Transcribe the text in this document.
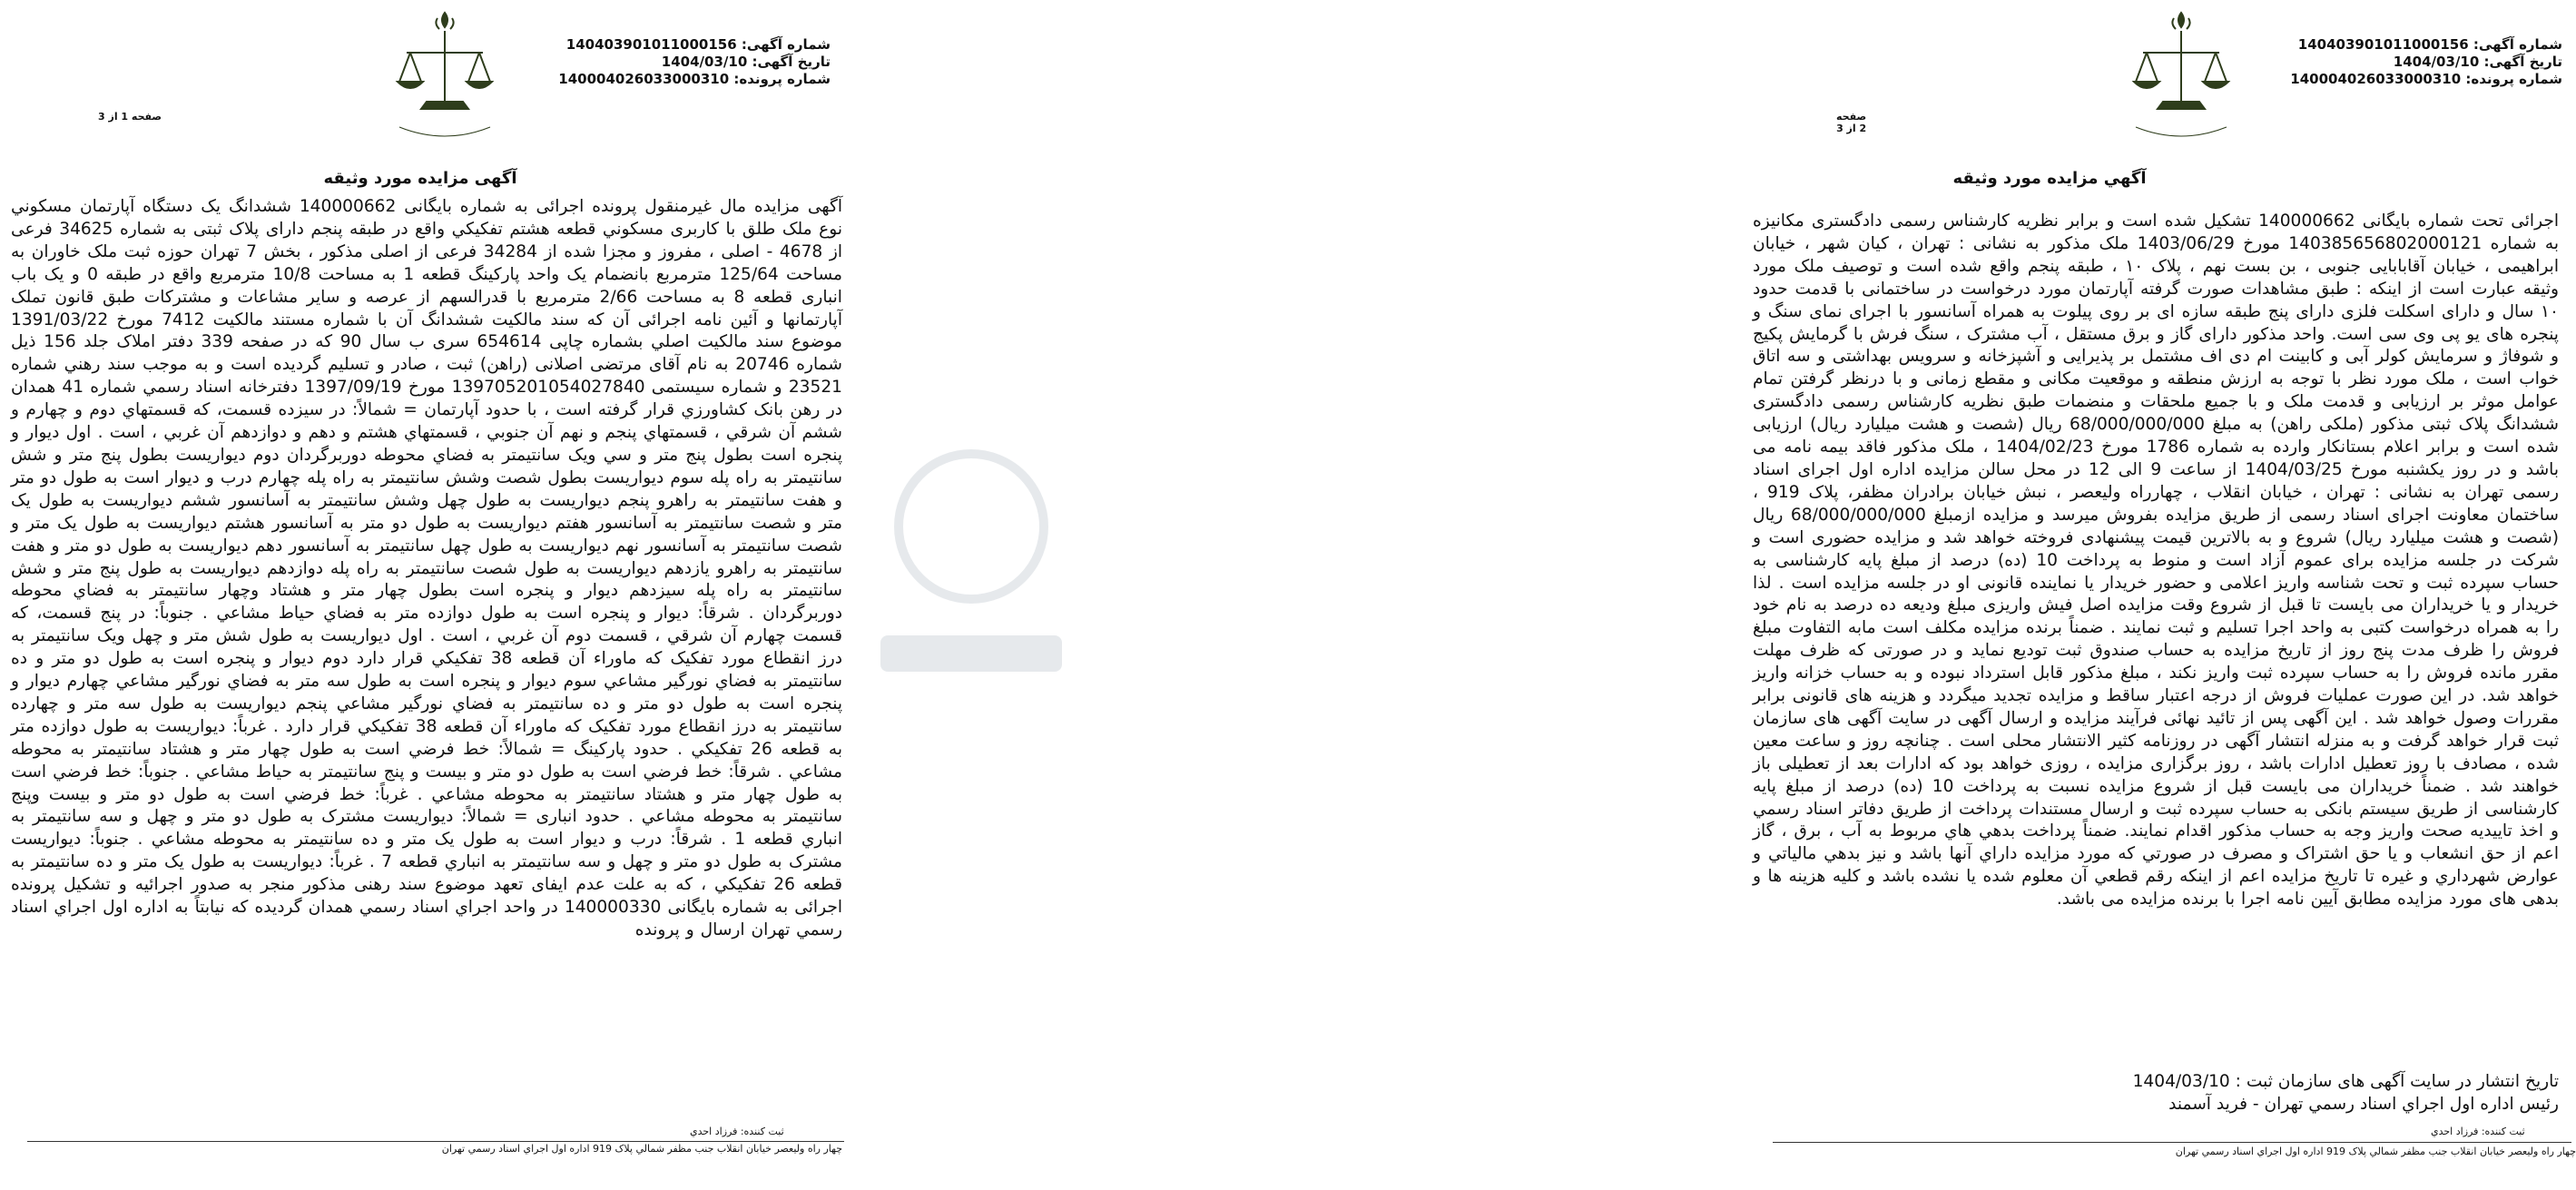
شماره آگهی: 140403901011000156
تاریخ آگهی: 1404/03/10
شماره پرونده: 140004026033000310
صفحه 1 از 3
آگهی مزایده مورد وثیقه
آگهی مزایده مال غیرمنقول پرونده اجرائی به شماره بایگانی 140000662 ششدانگ یک دستگاه آپارتمان مسکوني نوع ملک طلق با کاربری مسکوني قطعه هشتم تفکيکي واقع در طبقه پنجم دارای پلاک ثبتی به شماره 34625 فرعی از 4678 - اصلی ، مفروز و مجزا شده از 34284 فرعی از اصلی مذکور ، بخش 7 تهران حوزه ثبت ملک خاوران به مساحت 125/64 مترمربع بانضمام یک واحد پارکینگ قطعه 1 به مساحت 10/8 مترمربع واقع در طبقه 0 و یک باب انباری قطعه 8 به مساحت 2/66 مترمربع با قدرالسهم از عرصه و سایر مشاعات و مشترکات طبق قانون تملک آپارتمانها و آئین نامه اجرائی آن که سند مالکیت ششدانگ آن با شماره مستند مالکیت 7412 مورخ 1391/03/22 موضوع سند مالکیت اصلي بشماره چاپی 654614 سری ب سال 90 که در صفحه 339 دفتر املاک جلد 156 ذیل شماره 20746 به نام آقای مرتضی اصلانی (راهن) ثبت ، صادر و تسلیم گردیده است و به موجب سند رهني شماره 23521 و شماره سیستمی 139705201054027840 مورخ 1397/09/19 دفترخانه اسناد رسمي شماره 41 همدان در رهن بانک کشاورزي قرار گرفته است ، با حدود آپارتمان = شمالاً: در سيزده قسمت، که قسمتهاي دوم و چهارم و ششم آن شرقي ، قسمتهاي پنجم و نهم آن جنوبي ، قسمتهاي هشتم و دهم و دوازدهم آن غربي ، است . اول ديوار و پنجره است بطول پنج متر و سي ويک سانتيمتر به فضاي محوطه دوربرگردان دوم ديواريست بطول پنج متر و شش سانتيمتر به راه پله سوم ديواريست بطول شصت وشش سانتيمتر به راه پله چهارم درب و ديوار است به طول دو متر و هفت سانتيمتر به راهرو پنجم ديواريست به طول چهل وشش سانتيمتر به آسانسور ششم ديواريست به طول يک متر و شصت سانتيمتر به آسانسور هفتم ديواريست به طول دو متر به آسانسور هشتم ديواريست به طول يک متر و شصت سانتيمتر به آسانسور نهم ديواريست به طول چهل سانتيمتر به آسانسور دهم ديواريست به طول دو متر و هفت سانتيمتر به راهرو يازدهم ديواريست به طول شصت سانتيمتر به راه پله دوازدهم ديواريست به طول پنج متر و شش سانتيمتر به راه پله سيزدهم ديوار و پنجره است بطول چهار متر و هشتاد وچهار سانتيمتر به فضاي محوطه دوربرگردان . شرقاً: ديوار و پنجره است به طول دوازده متر به فضاي حياط مشاعي . جنوباً: در پنج قسمت، که قسمت چهارم آن شرقي ، قسمت دوم آن غربي ، است . اول ديواريست به طول شش متر و چهل ويک سانتيمتر به درز انقطاع مورد تفکيک که ماوراء آن قطعه 38 تفکيکي قرار دارد دوم ديوار و پنجره است به طول دو متر و ده سانتيمتر به فضاي نورگير مشاعي سوم ديوار و پنجره است به طول سه متر به فضاي نورگير مشاعي چهارم ديوار و پنجره است به طول دو متر و ده سانتيمتر به فضاي نورگير مشاعي پنجم ديواريست به طول سه متر و چهارده سانتيمتر به درز انقطاع مورد تفکيک که ماوراء آن قطعه 38 تفکيکي قرار دارد . غرباً: ديواريست به طول دوازده متر به قطعه 26 تفکيکي . حدود پارکينگ = شمالاً: خط فرضي است به طول چهار متر و هشتاد سانتيمتر به محوطه مشاعي . شرقاً: خط فرضي است به طول دو متر و بيست و پنج سانتيمتر به حياط مشاعي . جنوباً: خط فرضي است به طول چهار متر و هشتاد سانتيمتر به محوطه مشاعي . غرباً: خط فرضي است به طول دو متر و بيست وپنج سانتيمتر به محوطه مشاعي . حدود انباری = شمالاً: ديواريست مشترک به طول دو متر و چهل و سه سانتيمتر به انباري قطعه 1 . شرقاً: درب و ديوار است به طول يک متر و ده سانتيمتر به محوطه مشاعي . جنوباً: ديواريست مشترک به طول دو متر و چهل و سه سانتيمتر به انباري قطعه 7 . غرباً: ديواريست به طول يک متر و ده سانتيمتر به قطعه 26 تفکيکي ، که به علت عدم ایفای تعهد موضوع سند رهنی مذکور منجر به صدور اجرائیه و تشکیل پرونده اجرائی به شماره بایگانی 140000330 در واحد اجراي اسناد رسمي همدان گرديده که نيابتاً به اداره اول اجراي اسناد رسمي تهران ارسال و پرونده
ثبت کننده: فرزاد احدي
چهار راه وليعصر خيابان انقلاب جنب مظفر شمالي پلاک 919 اداره اول اجراي اسناد رسمي تهران
شماره آگهی: 140403901011000156
تاریخ آگهی: 1404/03/10
شماره پرونده: 140004026033000310
صفحه 2 از 3
آگهي مزايده مورد وثيقه
اجرائی تحت شماره بایگانی 140000662 تشکیل شده است و برابر نظریه کارشناس رسمی دادگستری مکانیزه به شماره 140385656802000121 مورخ 1403/06/29 ملک مذکور به نشانی : تهران ، کیان شهر ، خیابان ابراهیمی ، خیابان آقابابایی جنوبی ، بن بست نهم ، پلاک ۱۰ ، طبقه پنجم واقع شده است و توصیف ملک مورد وثیقه عبارت است از اینکه : طبق مشاهدات صورت گرفته آپارتمان مورد درخواست در ساختمانی با قدمت حدود ۱۰ سال و دارای اسکلت فلزی دارای پنج طبقه سازه ای بر روی پیلوت به همراه آسانسور با اجرای نمای سنگ و پنجره های یو پی وی سی است. واحد مذکور دارای گاز و برق مستقل ، آب مشترک ، سنگ فرش با گرمایش پکیج و شوفاژ و سرمایش کولر آبی و کابینت ام دی اف مشتمل بر پذیرایی و آشپزخانه و سرویس بهداشتی و سه اتاق خواب است ، ملک مورد نظر با توجه به ارزش منطقه و موقعیت مکانی و مقطع زمانی و با درنظر گرفتن تمام عوامل موثر بر ارزیابی و قدمت ملک و با جمیع ملحقات و منضمات طبق نظریه کارشناس رسمی دادگستری ششدانگ پلاک ثبتی مذکور (ملکی راهن) به مبلغ 68/000/000/000 ریال (شصت و هشت میلیارد ریال) ارزیابی شده است و برابر اعلام بستانکار وارده به شماره 1786 مورخ 1404/02/23 ، ملک مذکور فاقد بیمه نامه می باشد و در روز یکشنبه مورخ 1404/03/25 از ساعت 9 الی 12 در محل سالن مزایده اداره اول اجرای اسناد رسمی تهران به نشانی : تهران ، خیابان انقلاب ، چهارراه ولیعصر ، نبش خیابان برادران مظفر، پلاک 919 ، ساختمان معاونت اجرای اسناد رسمی از طریق مزایده بفروش میرسد و مزایده ازمبلغ 68/000/000/000 ریال (شصت و هشت میلیارد ریال) شروع و به بالاترین قیمت پیشنهادی فروخته خواهد شد و مزایده حضوری است و شرکت در جلسه مزایده برای عموم آزاد است و منوط به پرداخت 10 (ده) درصد از مبلغ پایه کارشناسی به حساب سپرده ثبت و تحت شناسه واریز اعلامی و حضور خریدار یا نماینده قانونی او در جلسه مزایده است . لذا خریدار و یا خریداران می بایست تا قبل از شروع وقت مزایده اصل فیش واریزی مبلغ ودیعه ده درصد به نام خود را به همراه درخواست کتبی به واحد اجرا تسلیم و ثبت نمایند . ضمناً برنده مزایده مکلف است مابه التفاوت مبلغ فروش را ظرف مدت پنج روز از تاریخ مزایده به حساب صندوق ثبت تودیع نماید و در صورتی که ظرف مهلت مقرر مانده فروش را به حساب سپرده ثبت واریز نکند ، مبلغ مذکور قابل استرداد نبوده و به حساب خزانه واریز خواهد شد. در این صورت عملیات فروش از درجه اعتبار ساقط و مزایده تجدید میگردد و هزینه های قانونی برابر مقررات وصول خواهد شد . این آگهی پس از تائید نهائی فرآیند مزایده و ارسال آگهی در سایت آگهی های سازمان ثبت قرار خواهد گرفت و به منزله انتشار آگهی در روزنامه کثیر الانتشار محلی است . چنانچه روز و ساعت معین شده ، مصادف با روز تعطیل ادارات باشد ، روز برگزاری مزایده ، روزی خواهد بود که ادارات بعد از تعطیلی باز خواهند شد . ضمناً خریداران می بایست قبل از شروع مزایده نسبت به پرداخت 10 (ده) درصد از مبلغ پایه کارشناسی از طریق سیستم بانکی به حساب سپرده ثبت و ارسال مستندات پرداخت از طریق دفاتر اسناد رسمي و اخذ تاییدیه صحت واریز وجه به حساب مذکور اقدام نمایند. ضمناً پرداخت بدهي هاي مربوط به آب ، برق ، گاز اعم از حق انشعاب و يا حق اشتراک و مصرف در صورتي که مورد مزايده داراي آنها باشد و نيز بدهي مالياتي و عوارض شهرداري و غيره تا تاريخ مزايده اعم از اينکه رقم قطعي آن معلوم شده يا نشده باشد و کليه هزينه ها و بدهی های مورد مزايده مطابق آيين نامه اجرا با برنده مزایده می باشد.
تاريخ انتشار در سايت آگهی های سازمان ثبت : 1404/03/10
رئيس اداره اول اجراي اسناد رسمي تهران - فريد آسمند
ثبت کننده: فرزاد احدي
چهار راه وليعصر خيابان انقلاب جنب مظفر شمالي پلاک 919 اداره اول اجراي اسناد رسمي تهران
